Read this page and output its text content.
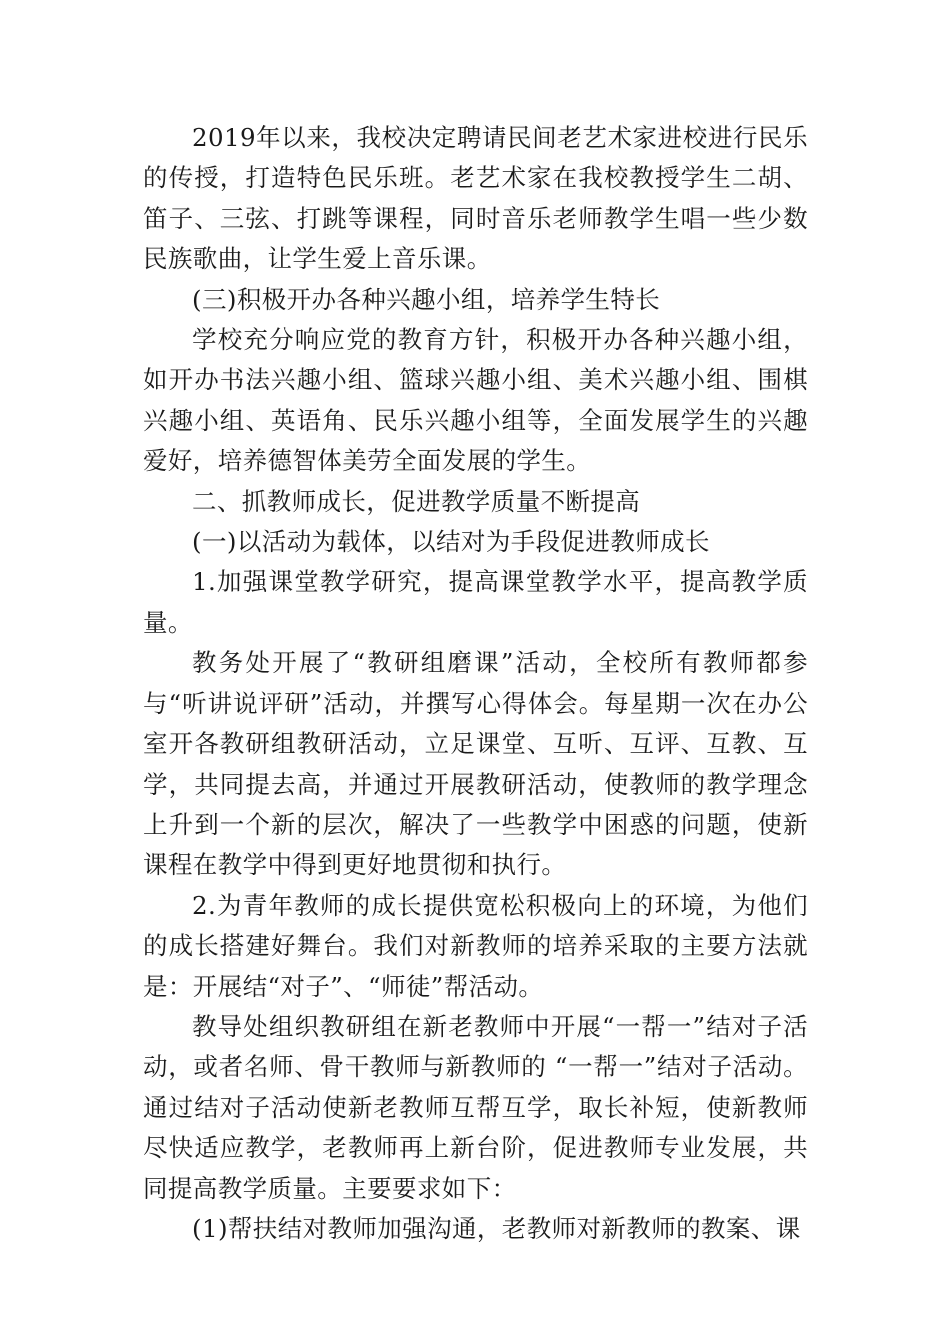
2019年以来，我校决定聘请民间老艺术家进校进行民乐的传授，打造特色民乐班。老艺术家在我校教授学生二胡、笛子、三弦、打跳等课程，同时音乐老师教学生唱一些少数民族歌曲，让学生爱上音乐课。

(三)积极开办各种兴趣小组，培养学生特长

学校充分响应党的教育方针，积极开办各种兴趣小组，如开办书法兴趣小组、篮球兴趣小组、美术兴趣小组、围棋兴趣小组、英语角、民乐兴趣小组等，全面发展学生的兴趣爱好，培养德智体美劳全面发展的学生。

二、抓教师成长，促进教学质量不断提高

(一)以活动为载体，以结对为手段促进教师成长

1.加强课堂教学研究，提高课堂教学水平，提高教学质量。

教务处开展了“教研组磨课”活动，全校所有教师都参与“听讲说评研”活动，并撰写心得体会。每星期一次在办公室开各教研组教研活动，立足课堂、互听、互评、互教、互学，共同提去高，并通过开展教研活动，使教师的教学理念上升到一个新的层次，解决了一些教学中困惑的问题，使新课程在教学中得到更好地贯彻和执行。

2.为青年教师的成长提供宽松积极向上的环境，为他们的成长搭建好舞台。我们对新教师的培养采取的主要方法就是：开展结“对子”、“师徒”帮活动。

教导处组织教研组在新老教师中开展“一帮一”结对子活动，或者名师、骨干教师与新教师的 “一帮一”结对子活动。通过结对子活动使新老教师互帮互学，取长补短，使新教师尽快适应教学，老教师再上新台阶，促进教师专业发展，共同提高教学质量。主要要求如下：

(1)帮扶结对教师加强沟通，老教师对新教师的教案、课
